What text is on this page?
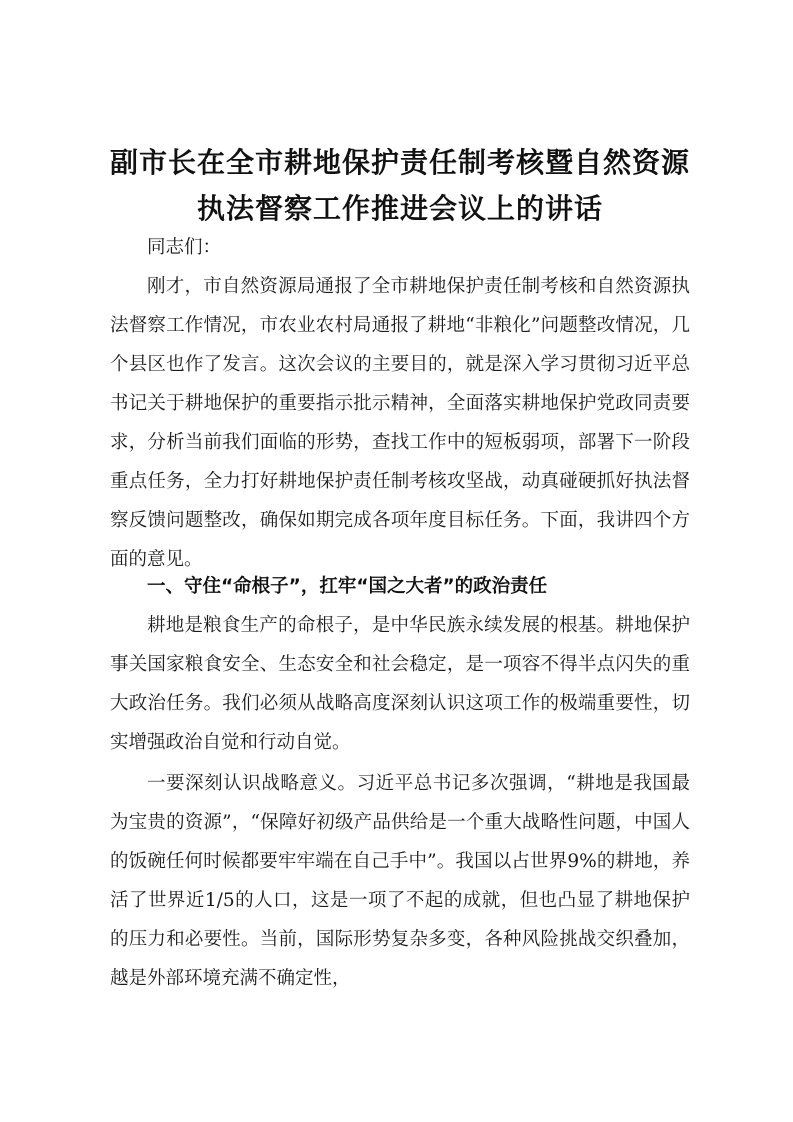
副市长在全市耕地保护责任制考核暨自然资源
执法督察工作推进会议上的讲话
同志们：

刚才，市自然资源局通报了全市耕地保护责任制考核和自然资源执法督察工作情况，市农业农村局通报了耕地“非粮化”问题整改情况，几个县区也作了发言。这次会议的主要目的，就是深入学习贯彻习近平总书记关于耕地保护的重要指示批示精神，全面落实耕地保护党政同责要求，分析当前我们面临的形势，查找工作中的短板弱项，部署下一阶段重点任务，全力打好耕地保护责任制考核攻坚战，动真碰硬抓好执法督察反馈问题整改，确保如期完成各项年度目标任务。下面，我讲四个方面的意见。

一、守住“命根子”，扛牢“国之大者”的政治责任

耕地是粮食生产的命根子，是中华民族永续发展的根基。耕地保护事关国家粮食安全、生态安全和社会稳定，是一项容不得半点闪失的重大政治任务。我们必须从战略高度深刻认识这项工作的极端重要性，切实增强政治自觉和行动自觉。

一要深刻认识战略意义。习近平总书记多次强调，“耕地是我国最为宝贵的资源”，“保障好初级产品供给是一个重大战略性问题，中国人的饭碗任何时候都要牢牢端在自己手中”。我国以占世界9%的耕地，养活了世界近1/5的人口，这是一项了不起的成就，但也凸显了耕地保护的压力和必要性。当前，国际形势复杂多变，各种风险挑战交织叠加，越是外部环境充满不确定性，
